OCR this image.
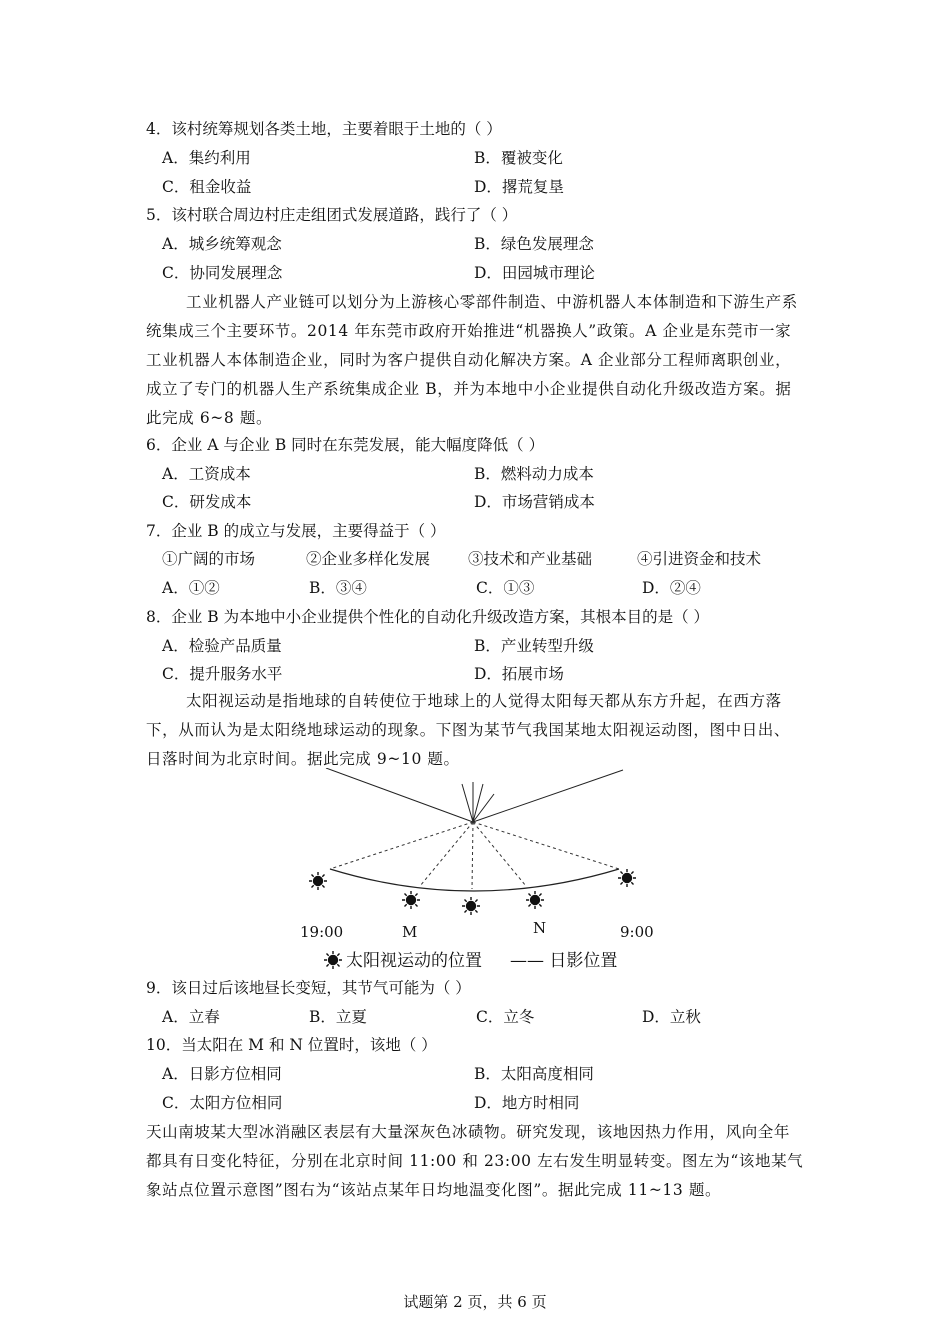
4．该村统筹规划各类土地，主要着眼于土地的（ ）
A．集约利用	B．覆被变化
C．租金收益	D．撂荒复垦
5．该村联合周边村庄走组团式发展道路，践行了（ ）
A．城乡统筹观念	B．绿色发展理念
C．协同发展理念	D．田园城市理论
工业机器人产业链可以划分为上游核心零部件制造、中游机器人本体制造和下游生产系统集成三个主要环节。2014 年东莞市政府开始推进“机器换人”政策。A 企业是东莞市一家工业机器人本体制造企业，同时为客户提供自动化解决方案。A 企业部分工程师离职创业，成立了专门的机器人生产系统集成企业 B，并为本地中小企业提供自动化升级改造方案。据此完成 6~8 题。
6．企业 A 与企业 B 同时在东莞发展，能大幅度降低（ ）
A．工资成本	B．燃料动力成本
C．研发成本	D．市场营销成本
7．企业 B 的成立与发展，主要得益于（ ）
①广阔的市场	②企业多样化发展 ③技术和产业基础	④引进资金和技术
A．①②	B．③④	C．①③	D．②④
8．企业 B 为本地中小企业提供个性化的自动化升级改造方案，其根本目的是（ ）
A．检验产品质量	B．产业转型升级
C．提升服务水平	D．拓展市场
太阳视运动是指地球的自转使位于地球上的人觉得太阳每天都从东方升起，在西方落下，从而认为是太阳绕地球运动的现象。下图为某节气我国某地太阳视运动图，图中日出、日落时间为北京时间。据此完成 9~10 题。
19:00	M	N	9:00
太阳视运动的位置 —— 日影位置
9．该日过后该地昼长变短，其节气可能为（ ）
A．立春	B．立夏	C．立冬	D．立秋
10．当太阳在 M 和 N 位置时，该地（ ）
A．日影方位相同	B．太阳高度相同
C．太阳方位相同	D．地方时相同
天山南坡某大型冰消融区表层有大量深灰色冰碛物。研究发现，该地因热力作用，风向全年都具有日变化特征，分别在北京时间 11:00 和 23:00 左右发生明显转变。图左为“该地某气象站点位置示意图”图右为“该站点某年日均地温变化图”。据此完成 11~13 题。
试题第 2 页，共 6 页
